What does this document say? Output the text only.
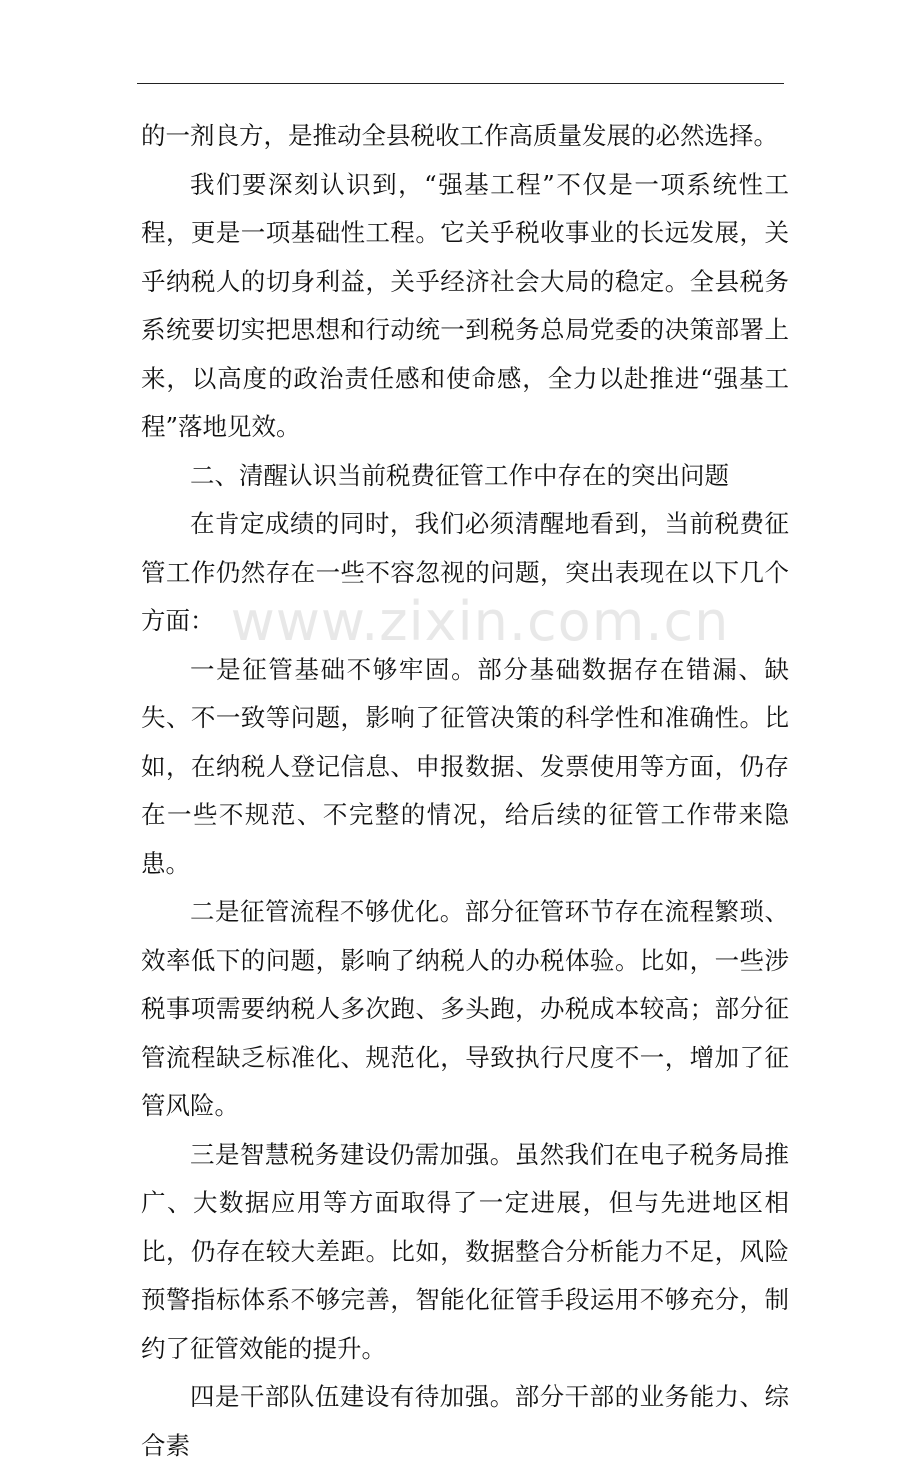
www.zixin.com.cn

的一剂良方，是推动全县税收工作高质量发展的必然选择。

我们要深刻认识到，“强基工程”不仅是一项系统性工程，更是一项基础性工程。它关乎税收事业的长远发展，关乎纳税人的切身利益，关乎经济社会大局的稳定。全县税务系统要切实把思想和行动统一到税务总局党委的决策部署上来，以高度的政治责任感和使命感，全力以赴推进“强基工程”落地见效。

二、清醒认识当前税费征管工作中存在的突出问题

在肯定成绩的同时，我们必须清醒地看到，当前税费征管工作仍然存在一些不容忽视的问题，突出表现在以下几个方面：

一是征管基础不够牢固。部分基础数据存在错漏、缺失、不一致等问题，影响了征管决策的科学性和准确性。比如，在纳税人登记信息、申报数据、发票使用等方面，仍存在一些不规范、不完整的情况，给后续的征管工作带来隐患。

二是征管流程不够优化。部分征管环节存在流程繁琐、效率低下的问题，影响了纳税人的办税体验。比如，一些涉税事项需要纳税人多次跑、多头跑，办税成本较高；部分征管流程缺乏标准化、规范化，导致执行尺度不一，增加了征管风险。

三是智慧税务建设仍需加强。虽然我们在电子税务局推广、大数据应用等方面取得了一定进展，但与先进地区相比，仍存在较大差距。比如，数据整合分析能力不足，风险预警指标体系不够完善，智能化征管手段运用不够充分，制约了征管效能的提升。

四是干部队伍建设有待加强。部分干部的业务能力、综合素
